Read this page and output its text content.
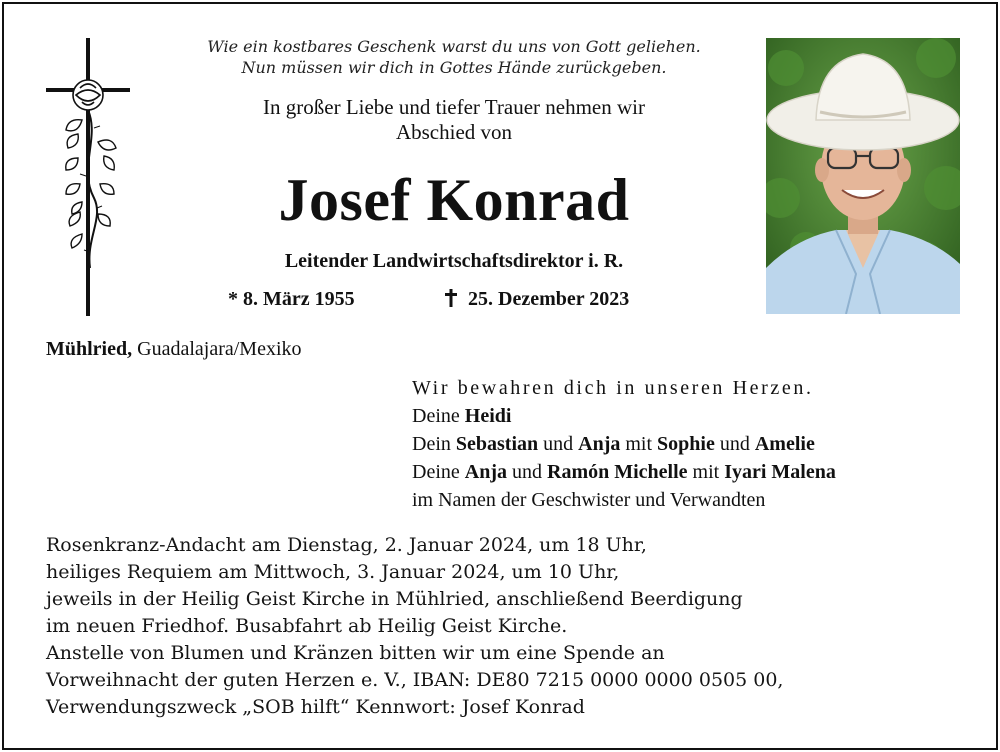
Wie ein kostbares Geschenk warst du uns von Gott geliehen.
Nun müssen wir dich in Gottes Hände zurückgeben.
In großer Liebe und tiefer Trauer nehmen wir
Abschied von
Josef Konrad
Leitender Landwirtschaftsdirektor i. R.
* 8. März 1955	25. Dezember 2023
Mühlried, Guadalajara/Mexiko
Wir bewahren dich in unseren Herzen.
Deine Heidi
Dein Sebastian und Anja mit Sophie und Amelie
Deine Anja und Ramón Michelle mit Iyari Malena
im Namen der Geschwister und Verwandten
Rosenkranz-Andacht am Dienstag, 2. Januar 2024, um 18 Uhr,
heiliges Requiem am Mittwoch, 3. Januar 2024, um 10 Uhr,
jeweils in der Heilig Geist Kirche in Mühlried, anschließend Beerdigung
im neuen Friedhof. Busabfahrt ab Heilig Geist Kirche.
Anstelle von Blumen und Kränzen bitten wir um eine Spende an
Vorweihnacht der guten Herzen e. V., IBAN: DE80 7215 0000 0000 0505 00,
Verwendungszweck „SOB hilft“ Kennwort: Josef Konrad
